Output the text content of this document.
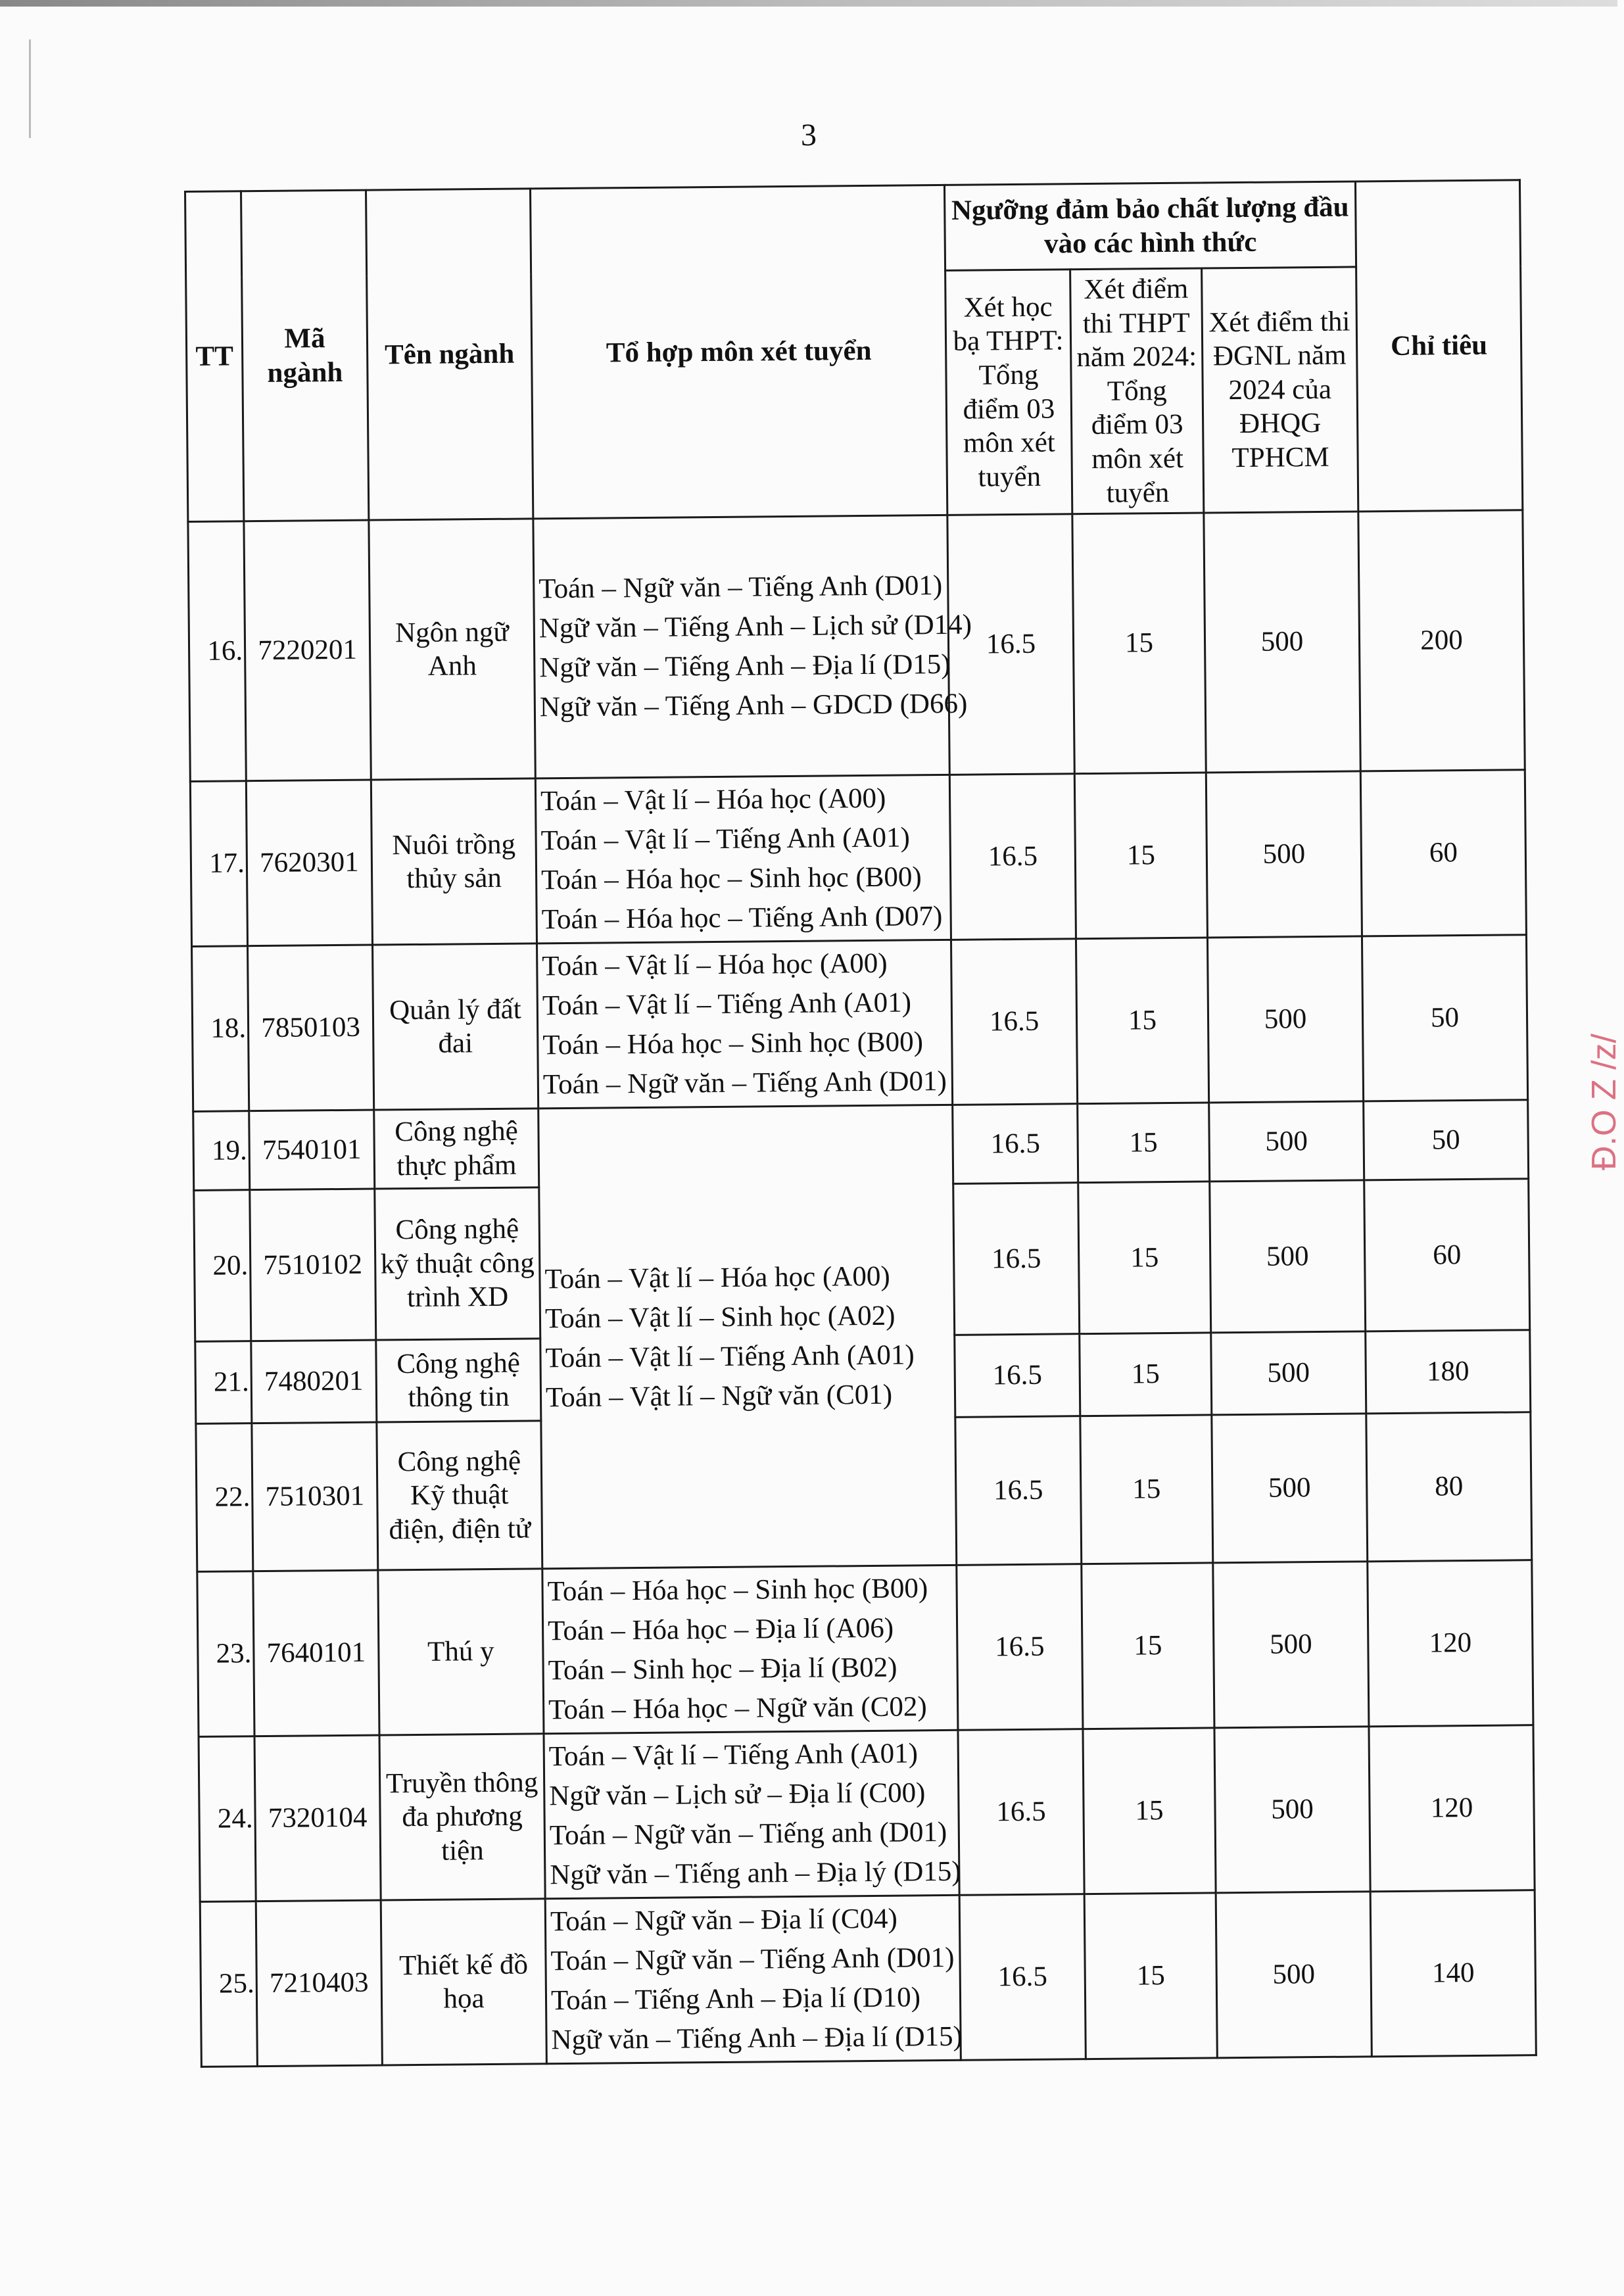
3
Đ.O Z /z/
TT	Mã ngành	Tên ngành	Tổ hợp môn xét tuyển	Ngưỡng đảm bảo chất lượng đầu vào các hình thức			Chỉ tiêu
				Xét học bạ THPT: Tổng điểm 03 môn xét tuyển	Xét điểm thi THPT năm 2024: Tổng điểm 03 môn xét tuyển	Xét điểm thi ĐGNL năm 2024 của ĐHQG TPHCM	
16.	7220201	Ngôn ngữ Anh	Toán – Ngữ văn – Tiếng Anh (D01)
Ngữ văn – Tiếng Anh – Lịch sử (D14)
Ngữ văn – Tiếng Anh – Địa lí (D15)
Ngữ văn – Tiếng Anh – GDCD (D66)	16.5	15	500	200
17.	7620301	Nuôi trồng thủy sản	Toán – Vật lí – Hóa học (A00)
Toán – Vật lí – Tiếng Anh (A01)
Toán – Hóa học – Sinh học (B00)
Toán – Hóa học – Tiếng Anh (D07)	16.5	15	500	60
18.	7850103	Quản lý đất đai	Toán – Vật lí – Hóa học (A00)
Toán – Vật lí – Tiếng Anh (A01)
Toán – Hóa học – Sinh học (B00)
Toán – Ngữ văn – Tiếng Anh (D01)	16.5	15	500	50
19.	7540101	Công nghệ thực phẩm	Toán – Vật lí – Hóa học (A00)
Toán – Vật lí – Sinh học (A02)
Toán – Vật lí – Tiếng Anh (A01)
Toán – Vật lí – Ngữ văn (C01)	16.5	15	500	50
20.	7510102	Công nghệ kỹ thuật công trình XD		16.5	15	500	60
21.	7480201	Công nghệ thông tin		16.5	15	500	180
22.	7510301	Công nghệ Kỹ thuật điện, điện tử		16.5	15	500	80
23.	7640101	Thú y	Toán – Hóa học – Sinh học (B00)
Toán – Hóa học – Địa lí (A06)
Toán – Sinh học – Địa lí (B02)
Toán – Hóa học – Ngữ văn (C02)	16.5	15	500	120
24.	7320104	Truyền thông đa phương tiện	Toán – Vật lí – Tiếng Anh (A01)
Ngữ văn – Lịch sử – Địa lí (C00)
Toán – Ngữ văn – Tiếng anh (D01)
Ngữ văn – Tiếng anh – Địa lý (D15)	16.5	15	500	120
25.	7210403	Thiết kế đồ họa	Toán – Ngữ văn – Địa lí (C04)
Toán – Ngữ văn – Tiếng Anh (D01)
Toán – Tiếng Anh – Địa lí (D10)
Ngữ văn – Tiếng Anh – Địa lí (D15)	16.5	15	500	140
